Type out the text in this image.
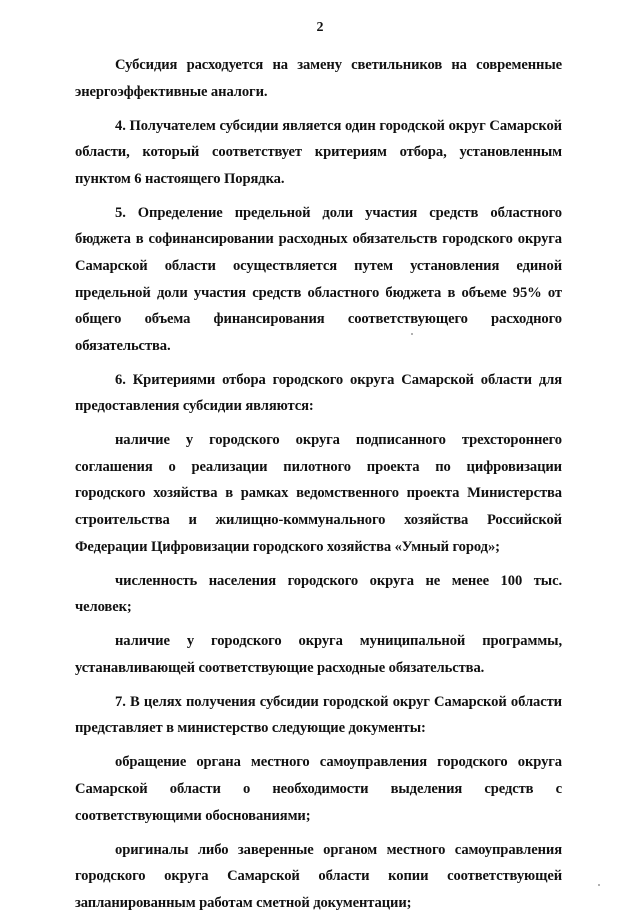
2

Субсидия расходуется на замену светильников на современные энергоэффективные аналоги.

4. Получателем субсидии является один городской округ Самарской области, который соответствует критериям отбора, установленным пунктом 6 настоящего Порядка.

5. Определение предельной доли участия средств областного бюджета в софинансировании расходных обязательств городского округа Самарской области осуществляется путем установления единой предельной доли участия средств областного бюджета в объеме 95% от общего объема финансирования соответствующего расходного обязательства.

6. Критериями отбора городского округа Самарской области для предоставления субсидии являются:

наличие у городского округа подписанного трехстороннего соглашения о реализации пилотного проекта по цифровизации городского хозяйства в рамках ведомственного проекта Министерства строительства и жилищно-коммунального хозяйства Российской Федерации Цифровизации городского хозяйства «Умный город»;

численность населения городского округа не менее 100 тыс. человек;

наличие у городского округа муниципальной программы, устанавливающей соответствующие расходные обязательства.

7. В целях получения субсидии городской округ Самарской области представляет в министерство следующие документы:

обращение органа местного самоуправления городского округа Самарской области о необходимости выделения средств с соответствующими обоснованиями;

оригиналы либо заверенные органом местного самоуправления городского округа Самарской области копии соответствующей запланированным работам сметной документации;
